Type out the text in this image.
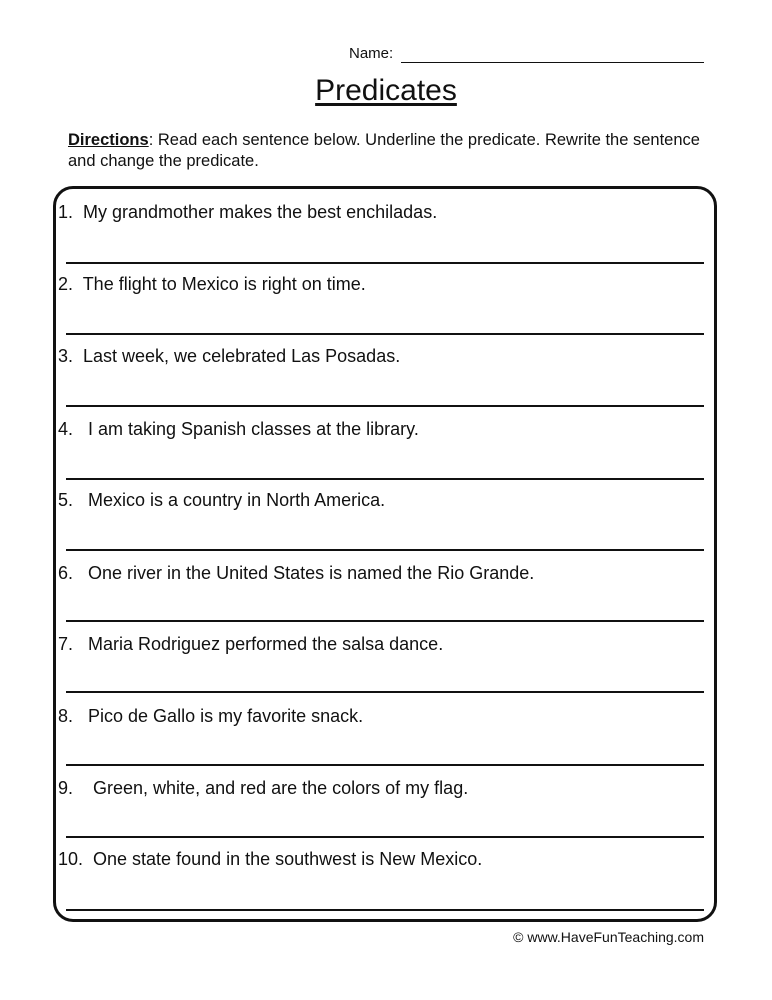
Name:
Predicates
Directions: Read each sentence below. Underline the predicate. Rewrite the sentence and change the predicate.
1.  My grandmother makes the best enchiladas.
2.  The flight to Mexico is right on time.
3.  Last week, we celebrated Las Posadas.
4.   I am taking Spanish classes at the library.
5.   Mexico is a country in North America.
6.   One river in the United States is named the Rio Grande.
7.   Maria Rodriguez performed the salsa dance.
8.   Pico de Gallo is my favorite snack.
9.    Green, white, and red are the colors of my flag.
10.  One state found in the southwest is New Mexico.
© www.HaveFunTeaching.com
